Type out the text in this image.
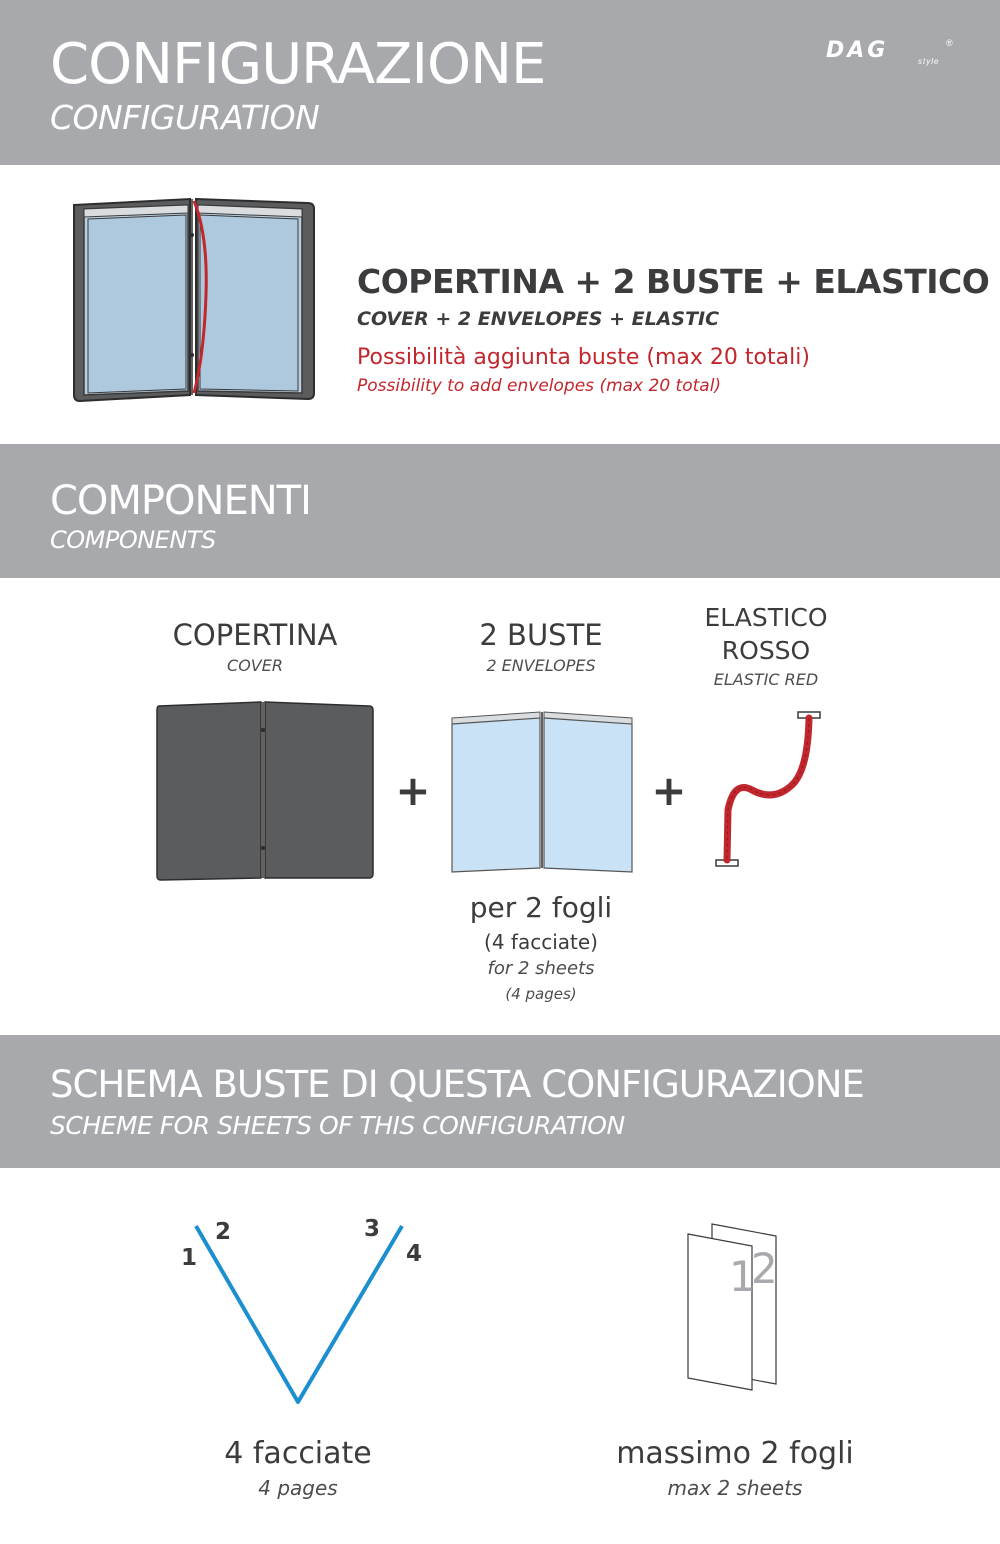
CONFIGURAZIONE
CONFIGURATION
DAG	®
style
COPERTINA + 2 BUSTE + ELASTICO
COVER + 2 ENVELOPES + ELASTIC
Possibilità aggiunta buste (max 20 totali)
Possibility to add envelopes (max 20 total)
COMPONENTI
COMPONENTS
COPERTINA
COVER
2 BUSTE
2 ENVELOPES
ELASTICO
ROSSO
ELASTIC RED
+	+
per 2 fogli
(4 facciate)
for 2 sheets
(4 pages)
SCHEMA BUSTE DI QUESTA CONFIGURAZIONE
SCHEME FOR SHEETS OF THIS CONFIGURATION
1
2	3
4	1
2
4 facciate
4 pages
massimo 2 fogli
max 2 sheets
